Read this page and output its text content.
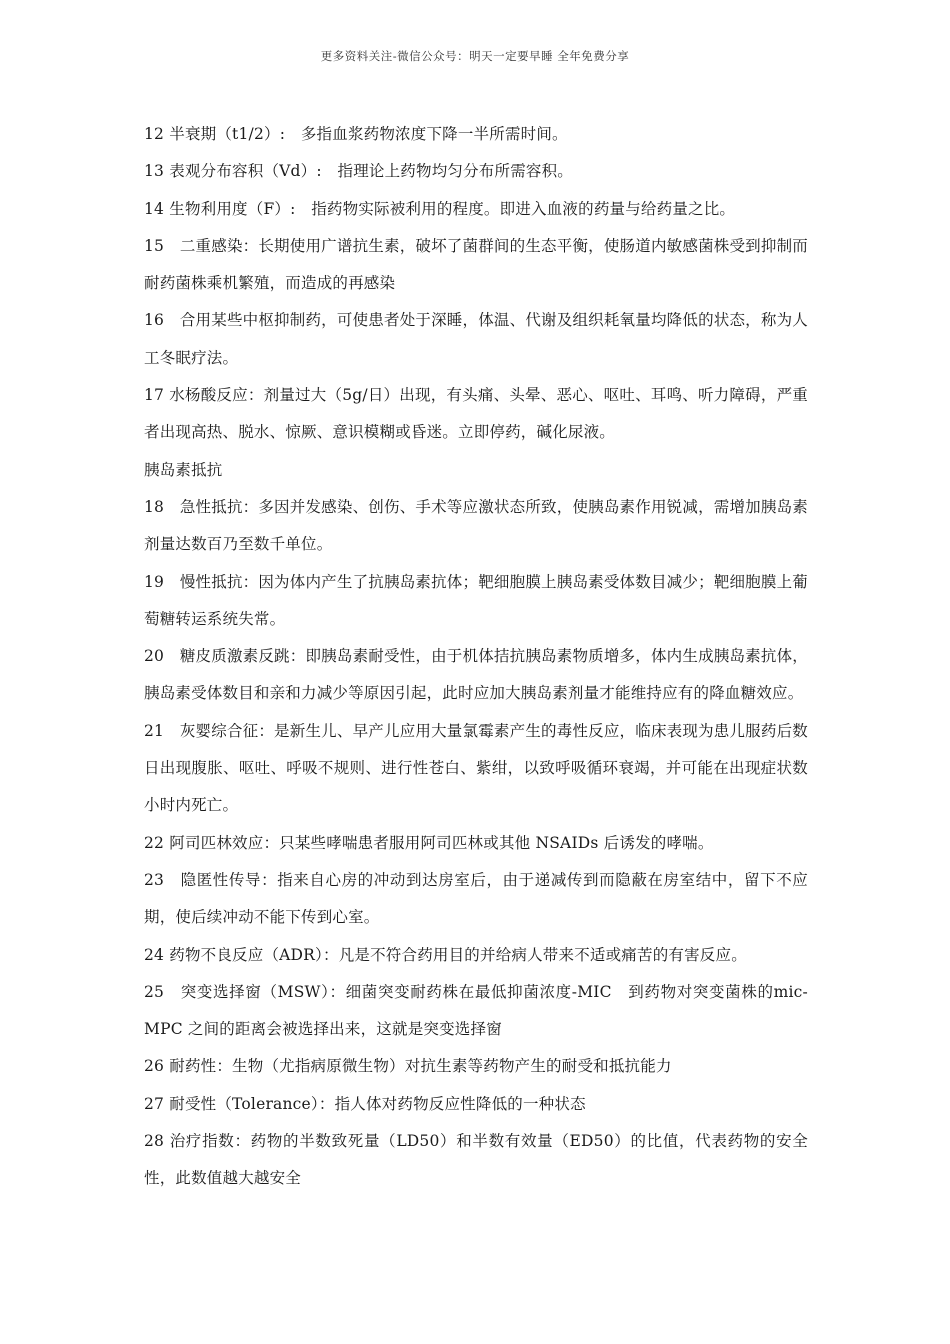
更多资料关注-微信公众号：明天一定要早睡 全年免费分享

12 半衰期（t1/2）:　多指血浆药物浓度下降一半所需时间。

13 表观分布容积（Vd）:　指理论上药物均匀分布所需容积。

14 生物利用度（F）:　指药物实际被利用的程度。即进入血液的药量与给药量之比。

15　二重感染：长期使用广谱抗生素，破坏了菌群间的生态平衡，使肠道内敏感菌株受到抑制而耐药菌株乘机繁殖，而造成的再感染

16　合用某些中枢抑制药，可使患者处于深睡，体温、代谢及组织耗氧量均降低的状态，称为人工冬眠疗法。

17 水杨酸反应：剂量过大（5g/日）出现，有头痛、头晕、恶心、呕吐、耳鸣、听力障碍，严重者出现高热、脱水、惊厥、意识模糊或昏迷。立即停药，碱化尿液。

胰岛素抵抗

18　急性抵抗：多因并发感染、创伤、手术等应激状态所致，使胰岛素作用锐减，需增加胰岛素剂量达数百乃至数千单位。

19　慢性抵抗：因为体内产生了抗胰岛素抗体；靶细胞膜上胰岛素受体数目减少；靶细胞膜上葡萄糖转运系统失常。

20　糖皮质激素反跳：即胰岛素耐受性，由于机体拮抗胰岛素物质增多，体内生成胰岛素抗体，胰岛素受体数目和亲和力减少等原因引起，此时应加大胰岛素剂量才能维持应有的降血糖效应。

21　灰婴综合征：是新生儿、早产儿应用大量氯霉素产生的毒性反应，临床表现为患儿服药后数日出现腹胀、呕吐、呼吸不规则、进行性苍白、紫绀，以致呼吸循环衰竭，并可能在出现症状数小时内死亡。

22 阿司匹林效应：只某些哮喘患者服用阿司匹林或其他 NSAIDs 后诱发的哮喘。

23　隐匿性传导：指来自心房的冲动到达房室后，由于递减传到而隐蔽在房室结中，留下不应期，使后续冲动不能下传到心室。

24 药物不良反应（ADR）：凡是不符合药用目的并给病人带来不适或痛苦的有害反应。

25　突变选择窗（MSW）：细菌突变耐药株在最低抑菌浓度-MIC　到药物对突变菌株的mic-MPC 之间的距离会被选择出来，这就是突变选择窗

26 耐药性：生物（尤指病原微生物）对抗生素等药物产生的耐受和抵抗能力

27 耐受性（Tolerance）：指人体对药物反应性降低的一种状态

28 治疗指数：药物的半数致死量（LD50）和半数有效量（ED50）的比值，代表药物的安全性，此数值越大越安全
